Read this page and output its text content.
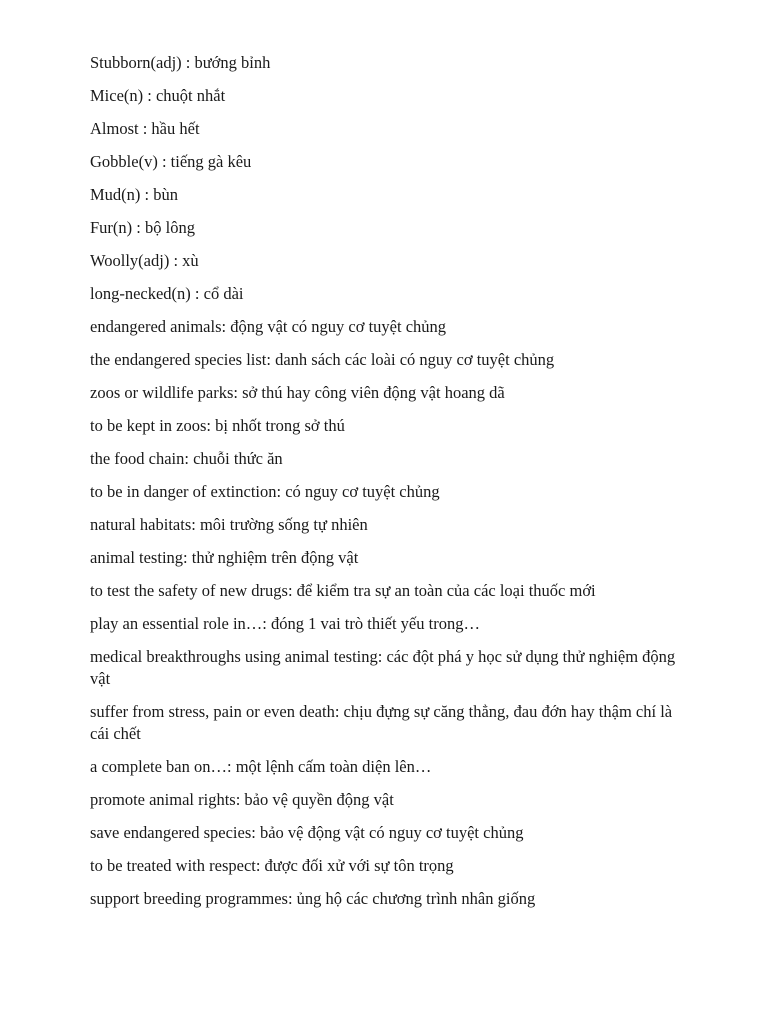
Stubborn(adj) : bướng bỉnh
Mice(n) : chuột nhắt
Almost : hầu hết
Gobble(v) : tiếng gà kêu
Mud(n) : bùn
Fur(n) : bộ lông
Woolly(adj) : xù
long-necked(n) : cổ dài
endangered animals: động vật có nguy cơ tuyệt chủng
the endangered species list: danh sách các loài có nguy cơ tuyệt chủng
zoos or wildlife parks: sở thú hay công viên động vật hoang dã
to be kept in zoos: bị nhốt trong sở thú
the food chain: chuỗi thức ăn
to be in danger of extinction: có nguy cơ tuyệt chủng
natural habitats: môi trường sống tự nhiên
animal testing: thử nghiệm trên động vật
to test the safety of new drugs: để kiểm tra sự an toàn của các loại thuốc mới
play an essential role in…: đóng 1 vai trò thiết yếu trong…
medical breakthroughs using animal testing: các đột phá y học sử dụng thử nghiệm động vật
suffer from stress, pain or even death: chịu đựng sự căng thẳng, đau đớn hay thậm chí là cái chết
a complete ban on…: một lệnh cấm toàn diện lên…
promote animal rights: bảo vệ quyền động vật
save endangered species: bảo vệ động vật có nguy cơ tuyệt chủng
to be treated with respect: được đối xử với sự tôn trọng
support breeding programmes: ủng hộ các chương trình nhân giống
